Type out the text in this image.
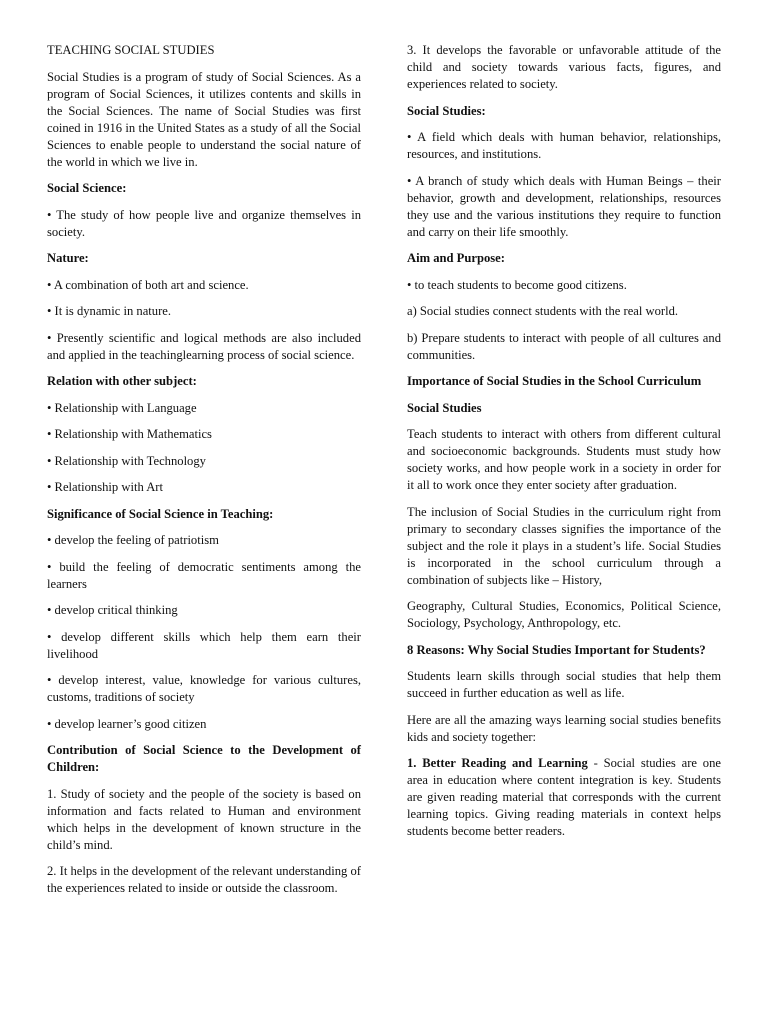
TEACHING SOCIAL STUDIES

Social Studies is a program of study of Social Sciences. As a program of Social Sciences, it utilizes contents and skills in the Social Sciences. The name of Social Studies was first coined in 1916 in the United States as a study of all the Social Sciences to enable people to understand the social nature of the world in which we live in.

Social Science:

• The study of how people live and organize themselves in society.

Nature:

• A combination of both art and science.

• It is dynamic in nature.

• Presently scientific and logical methods are also included and applied in the teachinglearning process of social science.

Relation with other subject:

• Relationship with Language

• Relationship with Mathematics

• Relationship with Technology

• Relationship with Art

Significance of Social Science in Teaching:

• develop the feeling of patriotism

• build the feeling of democratic sentiments among the learners

• develop critical thinking

• develop different skills which help them earn their livelihood

• develop interest, value, knowledge for various cultures, customs, traditions of society

• develop learner’s good citizen

Contribution of Social Science to the Development of Children:

1. Study of society and the people of the society is based on information and facts related to Human and environment which helps in the development of known structure in the child’s mind.

2. It helps in the development of the relevant understanding of the experiences related to inside or outside the classroom.

3. It develops the favorable or unfavorable attitude of the child and society towards various facts, figures, and experiences related to society.

Social Studies:

• A field which deals with human behavior, relationships, resources, and institutions.

• A branch of study which deals with Human Beings – their behavior, growth and development, relationships, resources they use and the various institutions they require to function and carry on their life smoothly.

Aim and Purpose:

• to teach students to become good citizens.

a) Social studies connect students with the real world.

b) Prepare students to interact with people of all cultures and communities.

Importance of Social Studies in the School Curriculum

Social Studies

Teach students to interact with others from different cultural and socioeconomic backgrounds. Students must study how society works, and how people work in a society in order for it all to work once they enter society after graduation.

The inclusion of Social Studies in the curriculum right from primary to secondary classes signifies the importance of the subject and the role it plays in a student’s life. Social Studies is incorporated in the school curriculum through a combination of subjects like – History,

Geography, Cultural Studies, Economics, Political Science, Sociology, Psychology, Anthropology, etc.

8 Reasons: Why Social Studies Important for Students?

Students learn skills through social studies that help them succeed in further education as well as life.

Here are all the amazing ways learning social studies benefits kids and society together:

1. Better Reading and Learning - Social studies are one area in education where content integration is key. Students are given reading material that corresponds with the current learning topics. Giving reading materials in context helps students become better readers.
